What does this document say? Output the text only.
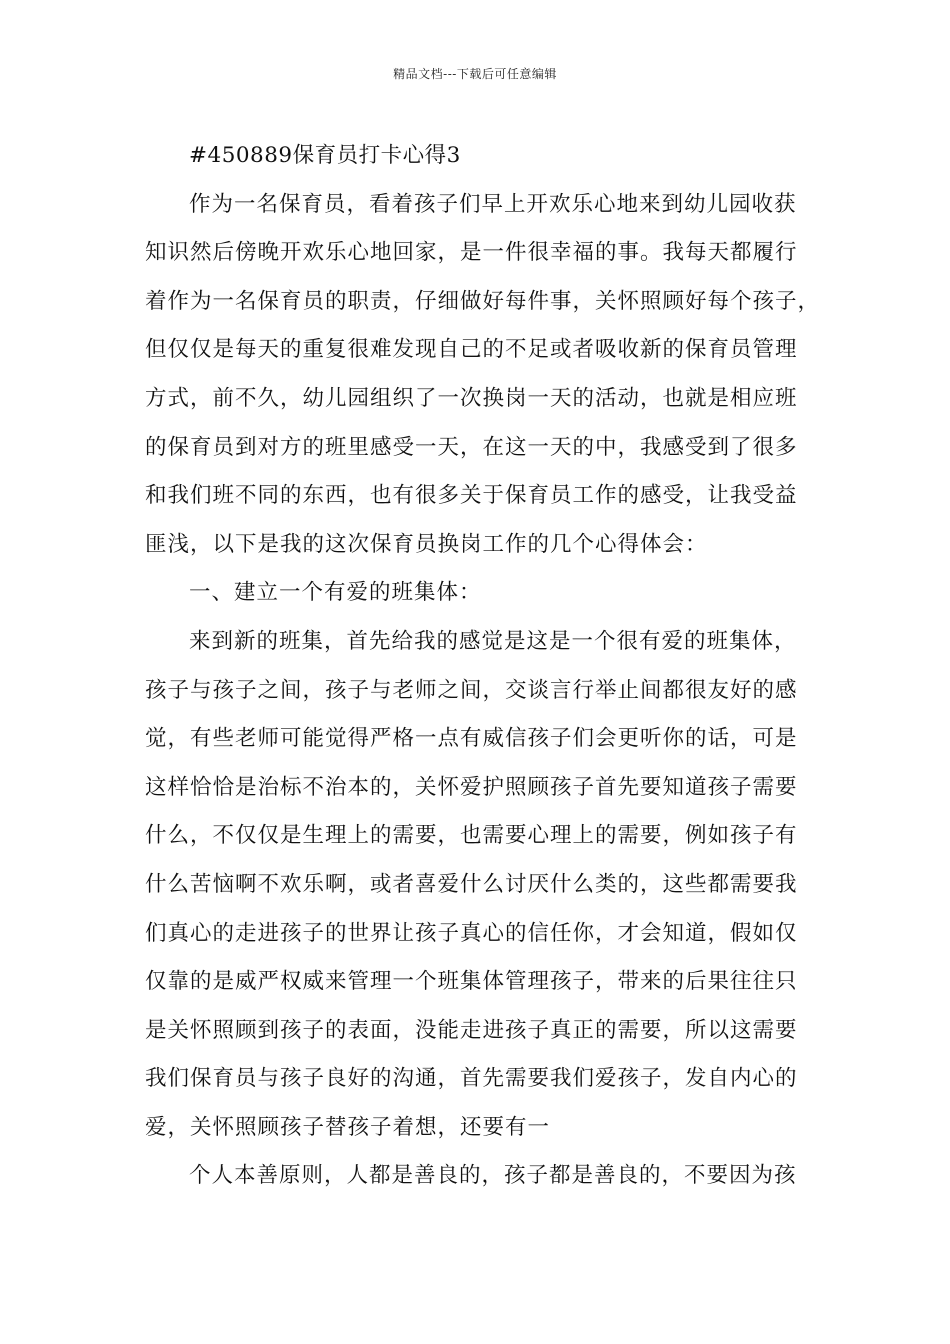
精品文档---下载后可任意编辑
#450889保育员打卡心得3
作为一名保育员，看着孩子们早上开欢乐心地来到幼儿园收获
知识然后傍晚开欢乐心地回家，是一件很幸福的事。我每天都履行
着作为一名保育员的职责，仔细做好每件事，关怀照顾好每个孩子，
但仅仅是每天的重复很难发现自己的不足或者吸收新的保育员管理
方式，前不久，幼儿园组织了一次换岗一天的活动，也就是相应班
的保育员到对方的班里感受一天，在这一天的中，我感受到了很多
和我们班不同的东西，也有很多关于保育员工作的感受，让我受益
匪浅，以下是我的这次保育员换岗工作的几个心得体会：
一、建立一个有爱的班集体：
来到新的班集，首先给我的感觉是这是一个很有爱的班集体，
孩子与孩子之间，孩子与老师之间，交谈言行举止间都很友好的感
觉，有些老师可能觉得严格一点有威信孩子们会更听你的话，可是
这样恰恰是治标不治本的，关怀爱护照顾孩子首先要知道孩子需要
什么，不仅仅是生理上的需要，也需要心理上的需要，例如孩子有
什么苦恼啊不欢乐啊，或者喜爱什么讨厌什么类的，这些都需要我
们真心的走进孩子的世界让孩子真心的信任你，才会知道，假如仅
仅靠的是威严权威来管理一个班集体管理孩子，带来的后果往往只
是关怀照顾到孩子的表面，没能走进孩子真正的需要，所以这需要
我们保育员与孩子良好的沟通，首先需要我们爱孩子，发自内心的
爱，关怀照顾孩子替孩子着想，还要有一
个人本善原则，人都是善良的，孩子都是善良的，不要因为孩
